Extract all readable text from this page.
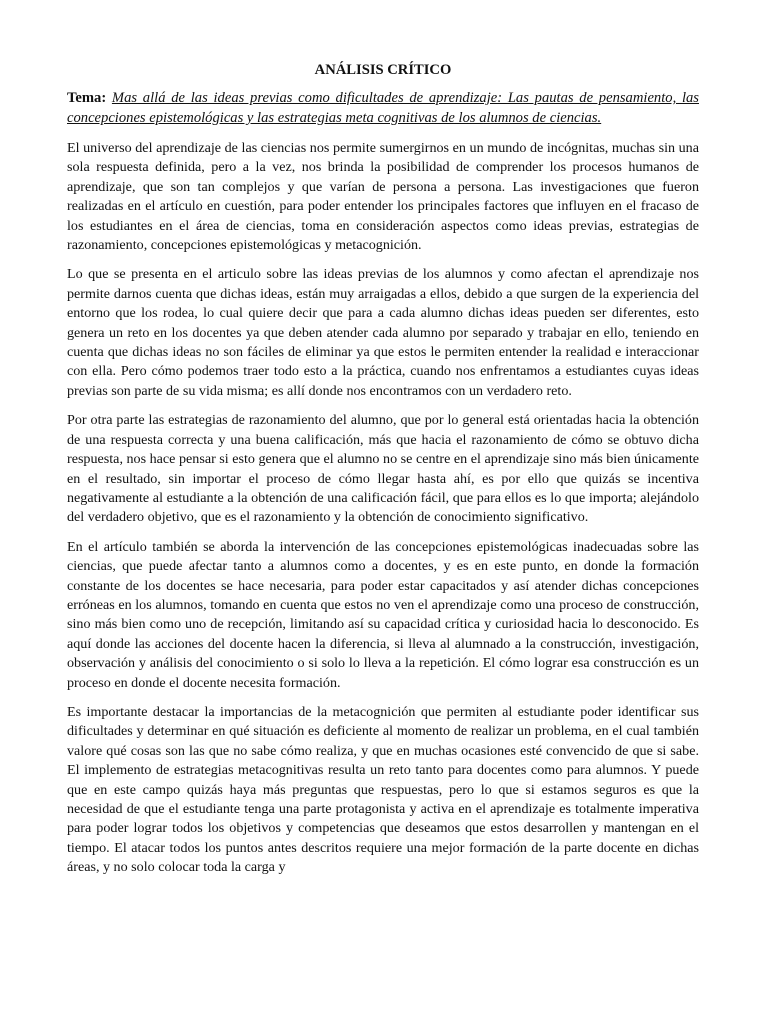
ANÁLISIS CRÍTICO
Tema: Mas allá de las ideas previas como dificultades de aprendizaje: Las pautas de pensamiento, las concepciones epistemológicas y las estrategias meta cognitivas de los alumnos de ciencias.

El universo del aprendizaje de las ciencias nos permite sumergirnos en un mundo de incógnitas, muchas sin una sola respuesta definida, pero a la vez, nos brinda la posibilidad de comprender los procesos humanos de aprendizaje, que son tan complejos y que varían de persona a persona. Las investigaciones que fueron realizadas en el artículo en cuestión, para poder entender los principales factores que influyen en el fracaso de los estudiantes en el área de ciencias, toma en consideración aspectos como ideas previas, estrategias de razonamiento, concepciones epistemológicas y metacognición.

Lo que se presenta en el articulo sobre las ideas previas de los alumnos y como afectan el aprendizaje nos permite darnos cuenta que dichas ideas, están muy arraigadas a ellos, debido a que surgen de la experiencia del entorno que los rodea, lo cual quiere decir que para a cada alumno dichas ideas pueden ser diferentes, esto genera un reto en los docentes ya que deben atender cada alumno por separado y trabajar en ello, teniendo en cuenta que dichas ideas no son fáciles de eliminar ya que estos le permiten entender la realidad e interaccionar con ella. Pero cómo podemos traer todo esto a la práctica, cuando nos enfrentamos a estudiantes cuyas ideas previas son parte de su vida misma; es allí donde nos encontramos con un verdadero reto.

Por otra parte las estrategias de razonamiento del alumno, que por lo general está orientadas hacia la obtención de una respuesta correcta y una buena calificación, más que hacia el razonamiento de cómo se obtuvo dicha respuesta, nos hace pensar si esto genera que el alumno no se centre en el aprendizaje sino más bien únicamente en el resultado, sin importar el proceso de cómo llegar hasta ahí, es por ello que quizás se incentiva negativamente al estudiante a la obtención de una calificación fácil, que para ellos es lo que importa; alejándolo del verdadero objetivo, que es el razonamiento y la obtención de conocimiento significativo.

En el artículo también se aborda la intervención de las concepciones epistemológicas inadecuadas sobre las ciencias, que puede afectar tanto a alumnos como a docentes, y es en este punto, en donde la formación constante de los docentes se hace necesaria, para poder estar capacitados y así atender dichas concepciones erróneas en los alumnos, tomando en cuenta que estos no ven el aprendizaje como una proceso de construcción, sino más bien como uno de recepción, limitando así su capacidad crítica y curiosidad hacia lo desconocido. Es aquí donde las acciones del docente hacen la diferencia, si lleva al alumnado a la construcción, investigación, observación y análisis del conocimiento o si solo lo lleva a la repetición. El cómo lograr esa construcción es un proceso en donde el docente necesita formación.

Es importante destacar la importancias de la metacognición que permiten al estudiante poder identificar sus dificultades y determinar en qué situación es deficiente al momento de realizar un problema, en el cual también valore qué cosas son las que no sabe cómo realiza, y que en muchas ocasiones esté convencido de que si sabe. El implemento de estrategias metacognitivas resulta un reto tanto para docentes como para alumnos. Y puede que en este campo quizás haya más preguntas que respuestas, pero lo que si estamos seguros es que la necesidad de que el estudiante tenga una parte protagonista y activa en el aprendizaje es totalmente imperativa para poder lograr todos los objetivos y competencias que deseamos que estos desarrollen y mantengan en el tiempo. El atacar todos los puntos antes descritos requiere una mejor formación de la parte docente en dichas áreas, y no solo colocar toda la carga y
